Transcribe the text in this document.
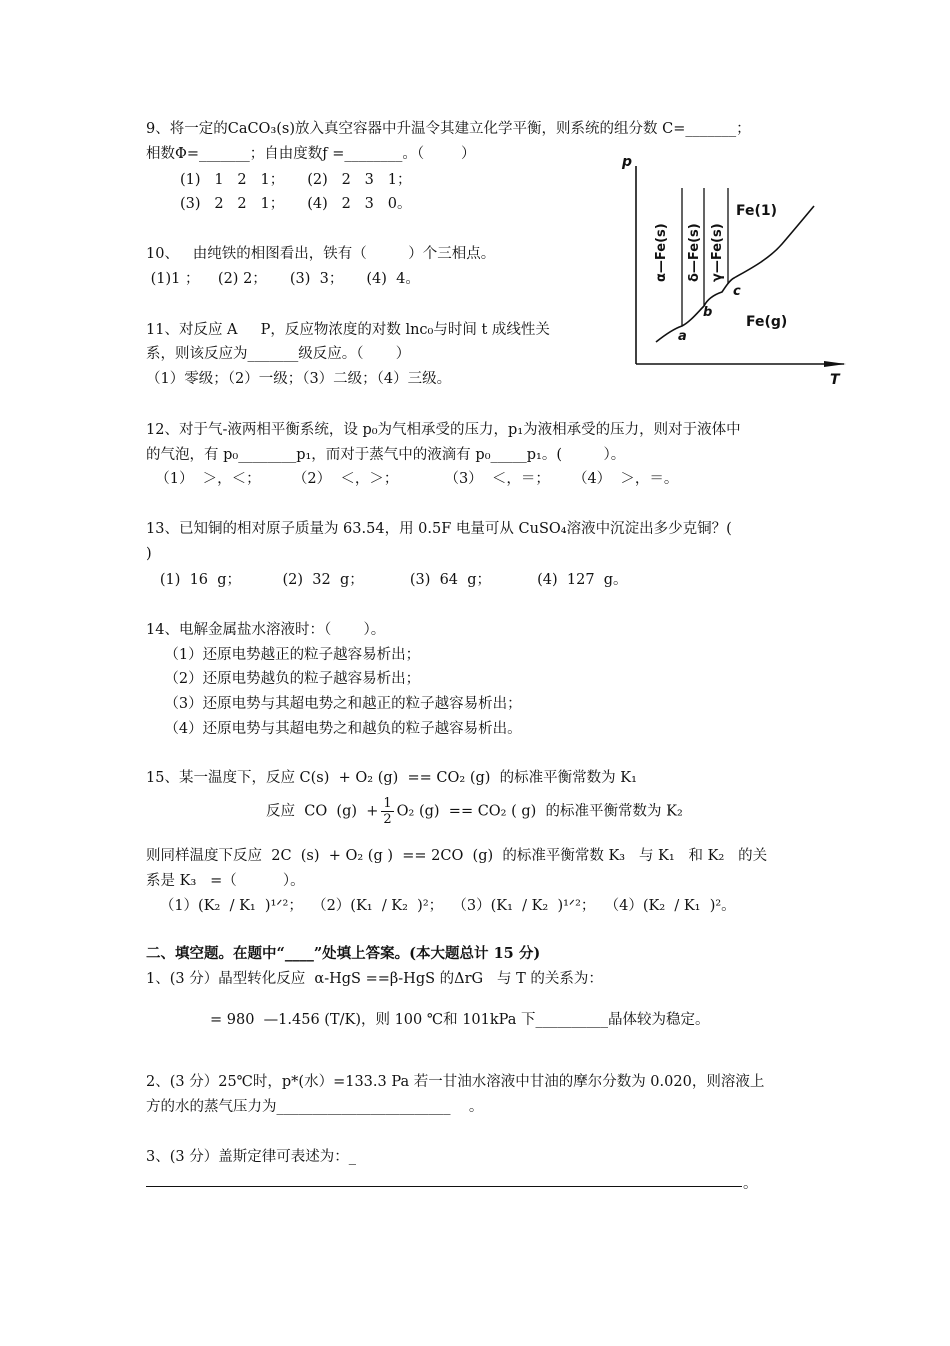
9、将一定的CaCO₃(s)放入真空容器中升温令其建立化学平衡，则系统的组分数 C=_______；
相数Φ=_______；自由度数ƒ =________。（        ）
(1)   1   2   1；     (2)   2   3   1；
(3)   2   2   1；     (4)   2   3   0。
10、   由纯铁的相图看出，铁有（         ）个三相点。
(1)1 ；    (2) 2；     (3)  3；     (4)  4。
11、对反应 A     P，反应物浓度的对数 lnc₀与时间 t 成线性关
系，则该反应为_______级反应。（       ）
（1）零级；（2）一级；（3）二级；（4）三级。
12、对于气-液两相平衡系统，设 p₀为气相承受的压力，p₁为液相承受的压力，则对于液体中
的气泡，有 p₀________p₁，而对于蒸气中的液滴有 p₀_____p₁。(         ）。
（1）  ＞，＜；       （2）  ＜，＞；          （3）  ＜，＝；     （4）  ＞，＝。
13、已知铜的相对原子质量为 63.54，用 0.5F 电量可从 CuSO₄溶液中沉淀出多少克铜？(
)
(1)  16  g；         (2)  32  g；          (3)  64  g；          (4)  127  g。
14、电解金属盐水溶液时：（       ）。
（1）还原电势越正的粒子越容易析出；
（2）还原电势越负的粒子越容易析出；
（3）还原电势与其超电势之和越正的粒子越容易析出；
（4）还原电势与其超电势之和越负的粒子越容易析出。
15、某一温度下，反应 C(s)  + O₂ (g)  == CO₂ (g)  的标准平衡常数为 K₁
反应  CO  $(g) + \frac{1}{2} O_2$ (g)  == CO₂ ( g)  的标准平衡常数为 K₂
则同样温度下反应  2C  (s)  + O₂ (g )  == 2CO  (g)  的标准平衡常数 K₃   与 K₁   和 K₂   的关
系是 K₃   =（          ）。
（1）(K₂  / K₁  )¹ᐟ²；  （2）(K₁  / K₂  )²；  （3）(K₁  / K₂  )¹ᐟ²；  （4）(K₂  / K₁  )²。
二、填空题。在题中“____”处填上答案。(本大题总计 15 分)
1、(3 分）晶型转化反应  α-HgS ==β-HgS 的ΔrG   与 T 的关系为：
= 980  —1.456 (T/K)，则 100 ℃和 101kPa 下__________晶体较为稳定。
2、(3 分）25℃时，p*(水）=133.3 Pa 若一甘油水溶液中甘油的摩尔分数为 0.020，则溶液上
方的水的蒸气压力为________________________    。
3、(3 分）盖斯定律可表述为：_
。
p
T
α—Fe(s) δ—Fe(s) γ—Fe(s)
Fe(1)
Fe(g)
a
b
c
